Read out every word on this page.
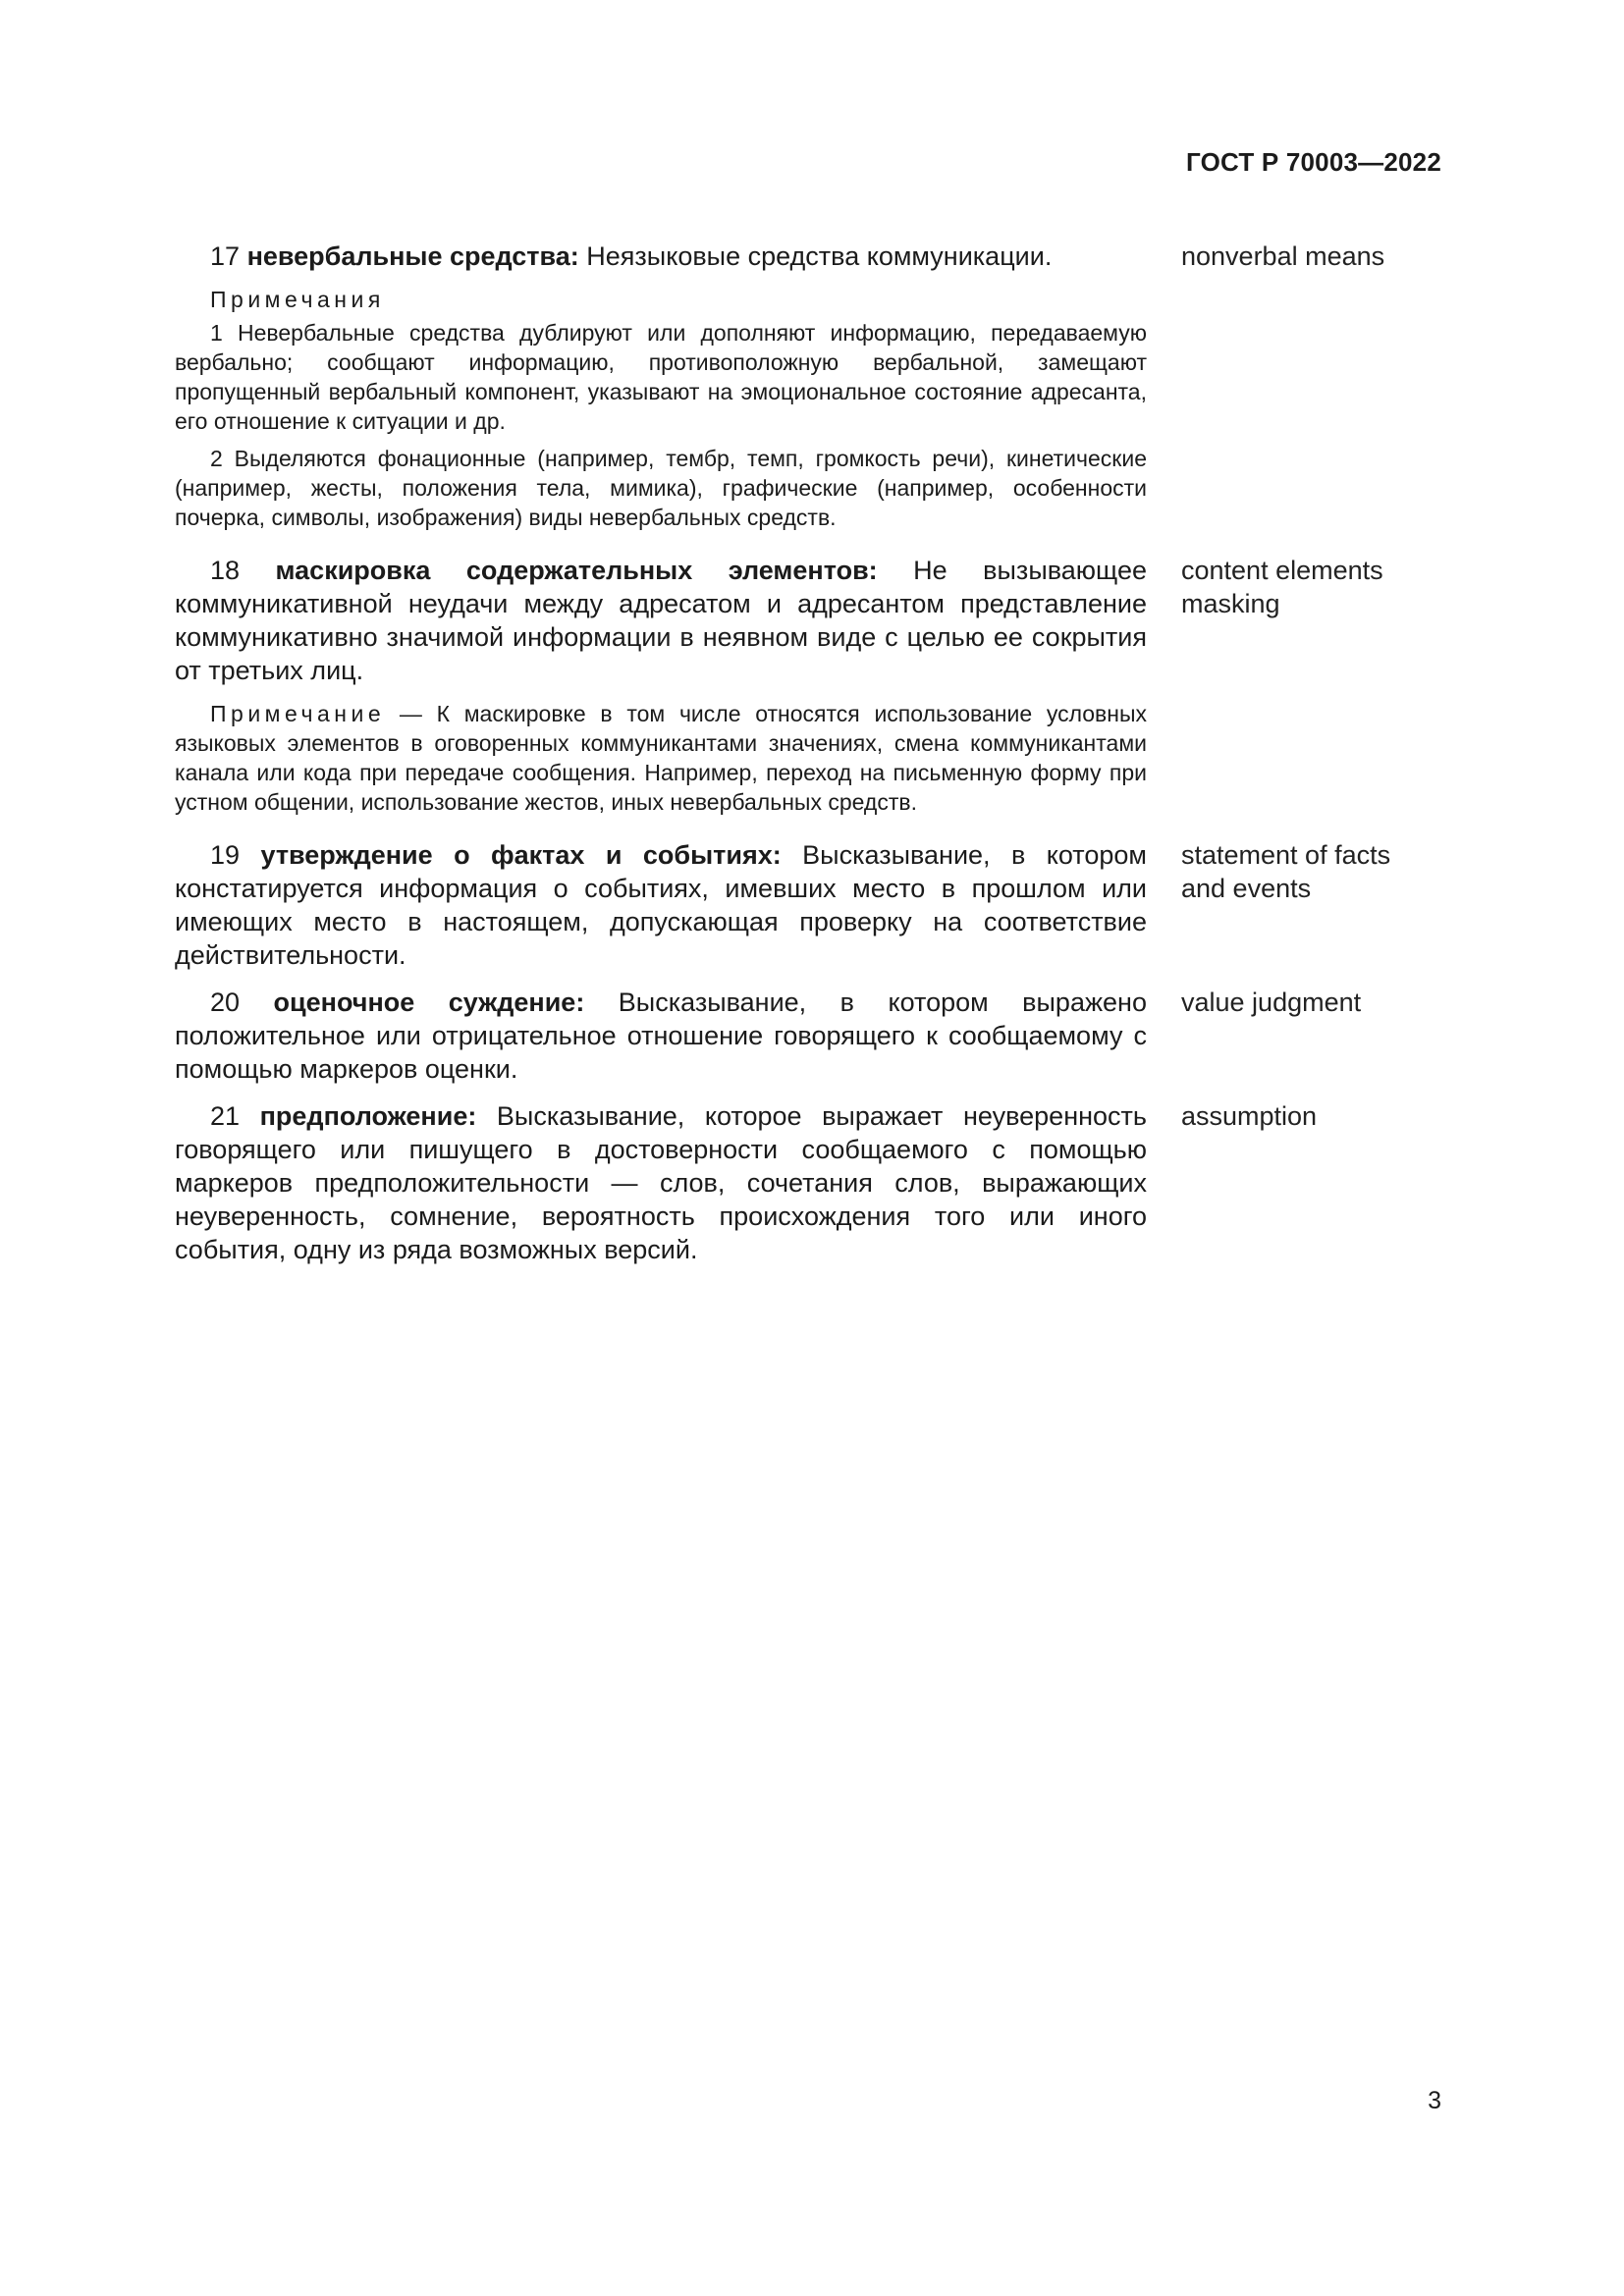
ГОСТ Р 70003—2022

17 невербальные средства: Неязыковые средства коммуникации.

Примечания

1 Невербальные средства дублируют или дополняют информацию, передаваемую вербально; сообщают информацию, противоположную вербальной, замещают пропущенный вербальный компонент, указывают на эмоциональное состояние адресанта, его отношение к ситуации и др.

2 Выделяются фонационные (например, тембр, темп, громкость речи), кинетические (например, жесты, положения тела, мимика), графические (например, особенности почерка, символы, изображения) виды невербальных средств.

nonverbal means

18 маскировка содержательных элементов: Не вызывающее коммуникативной неудачи между адресатом и адресантом представление коммуникативно значимой информации в неявном виде с целью ее сокрытия от третьих лиц.

Примечание — К маскировке в том числе относятся использование условных языковых элементов в оговоренных коммуникантами значениях, смена коммуникантами канала или кода при передаче сообщения. Например, переход на письменную форму при устном общении, использование жестов, иных невербальных средств.

content elements masking

19 утверждение о фактах и событиях: Высказывание, в котором констатируется информация о событиях, имевших место в прошлом или имеющих место в настоящем, допускающая проверку на соответствие действительности.

statement of facts and events

20 оценочное суждение: Высказывание, в котором выражено положительное или отрицательное отношение говорящего к сообщаемому с помощью маркеров оценки.

value judgment

21 предположение: Высказывание, которое выражает неуверенность говорящего или пишущего в достоверности сообщаемого с помощью маркеров предположительности — слов, сочетания слов, выражающих неуверенность, сомнение, вероятность происхождения того или иного события, одну из ряда возможных версий.

assumption
3
